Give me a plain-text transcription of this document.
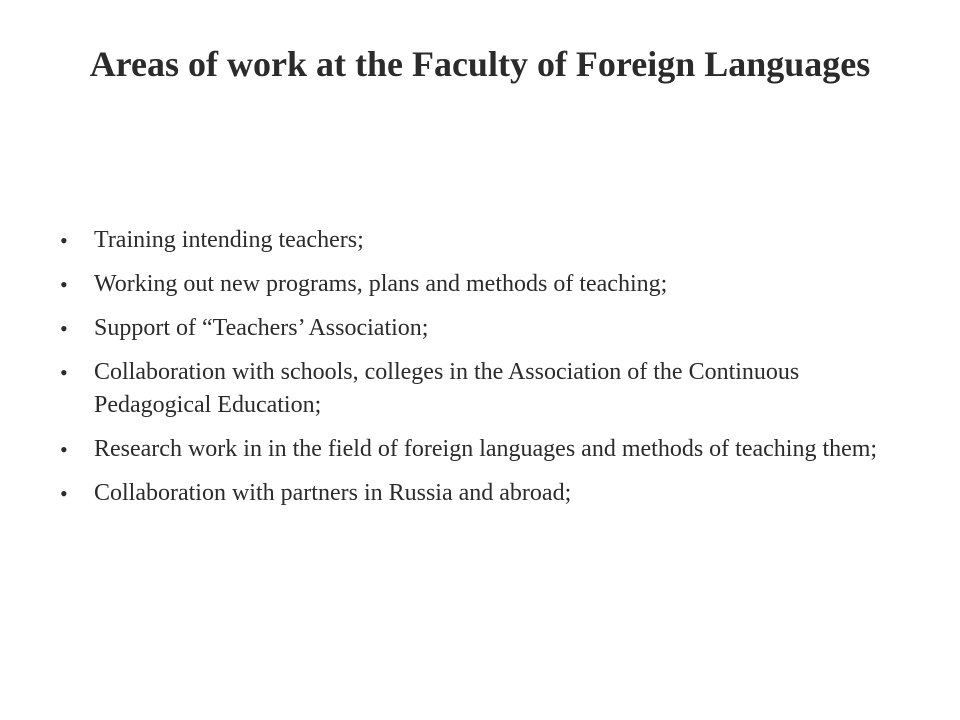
Areas of work at the Faculty of Foreign Languages
•	Training intending teachers;
•	Working out new programs, plans and methods of teaching;
•	Support of “Teachers’ Association;
•	Collaboration with schools, colleges in the Association of the Continuous Pedagogical Education;
•	Research work in in the field of foreign languages and methods of teaching them;
•	Collaboration with partners in Russia and abroad;
